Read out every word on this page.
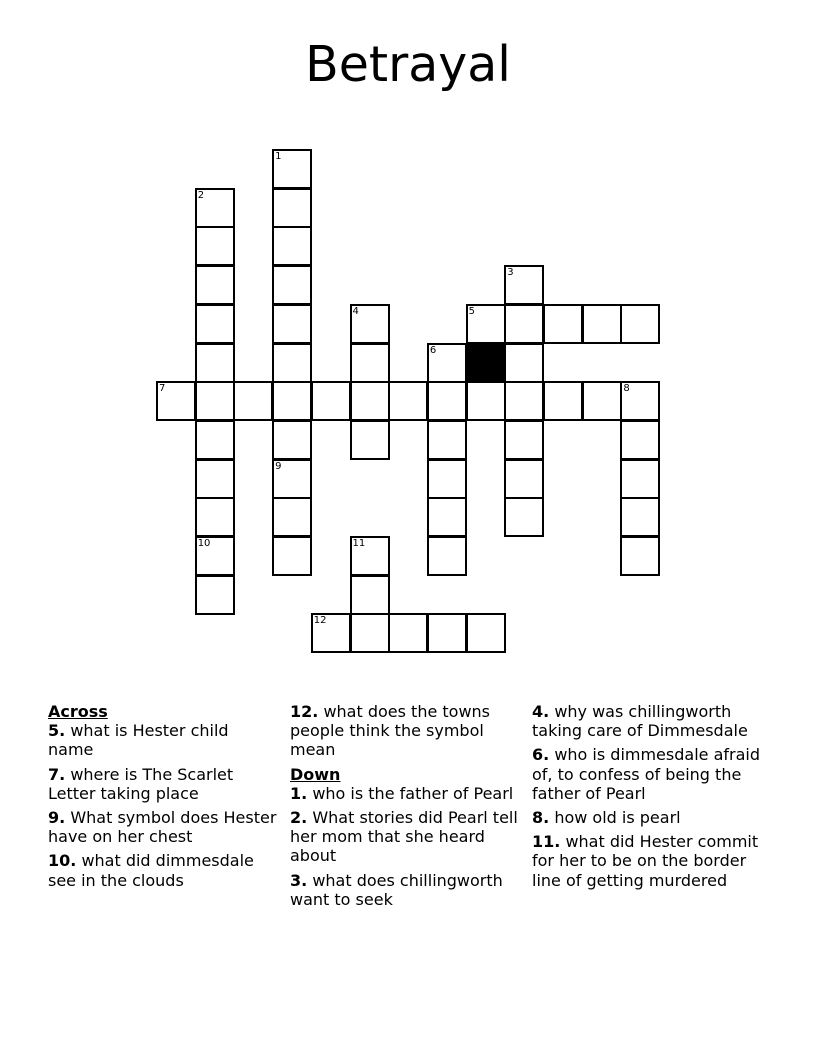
Betrayal
1
9
2
10
3
4	5
6
7	8
11
12
Across
5. what is Hester child name
7. where is The Scarlet Letter taking place
9. What symbol does Hester have on her chest
10. what did dimmesdale see in the clouds
12. what does the towns people think the symbol mean
Down
1. who is the father of Pearl
2. What stories did Pearl tell her mom that she heard about
3. what does chillingworth want to seek
4. why was chillingworth taking care of Dimmesdale
6. who is dimmesdale afraid of, to confess of being the father of Pearl
8. how old is pearl
11. what did Hester commit for her to be on the border line of getting murdered
